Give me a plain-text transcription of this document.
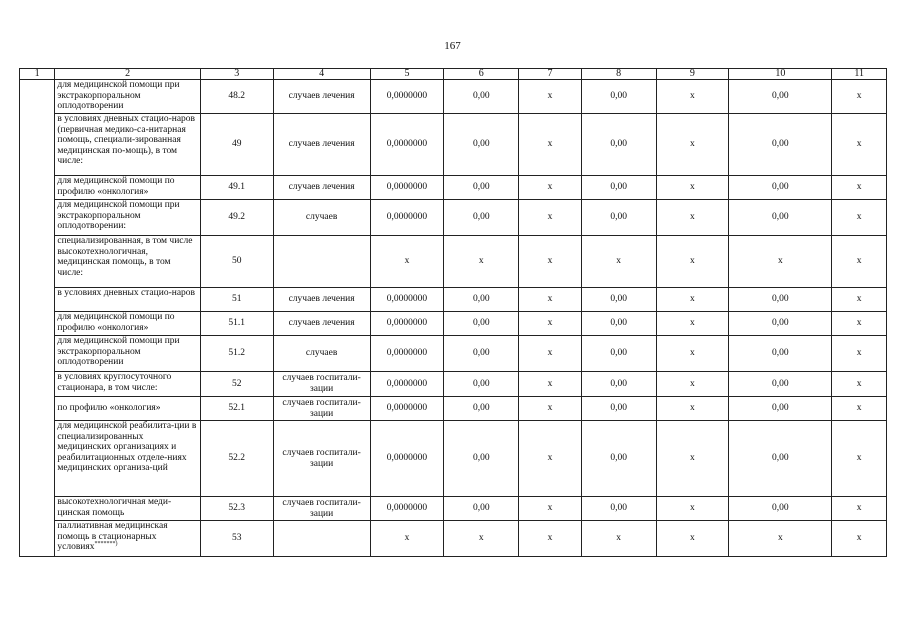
167
1	2	3	4	5	6	7	8	9	10	11
	для медицинской помощи при экстракорпоральном оплодотворении	48.2	случаев лечения	0,0000000	0,00	x	0,00	x	0,00	x
	в условиях дневных стацио-наров (первичная медико-са-нитарная помощь, специали-зированная медицинская по-мощь), в том числе:	49	случаев лечения	0,0000000	0,00	x	0,00	x	0,00	x
	для медицинской помощи по профилю «онкология»	49.1	случаев лечения	0,0000000	0,00	x	0,00	x	0,00	x
	для медицинской помощи при экстракорпоральном оплодотворении:	49.2	случаев	0,0000000	0,00	x	0,00	x	0,00	x
	специализированная, в том числе высокотехнологичная, медицинская помощь, в том числе:	50		x	x	x	x	x	x	x
	в условиях дневных стацио-наров	51	случаев лечения	0,0000000	0,00	x	0,00	x	0,00	x
	для медицинской помощи по профилю «онкология»	51.1	случаев лечения	0,0000000	0,00	x	0,00	x	0,00	x
	для медицинской помощи при экстракорпоральном оплодотворении	51.2	случаев	0,0000000	0,00	x	0,00	x	0,00	x
	в условиях круглосуточного стационара, в том числе:	52	случаев госпитали-зации	0,0000000	0,00	x	0,00	x	0,00	x
	по профилю «онкология»	52.1	случаев госпитали-зации	0,0000000	0,00	x	0,00	x	0,00	x
	для медицинской реабилита-ции в специализированных медицинских организациях и реабилитационных отделе-ниях медицинских организа-ций	52.2	случаев госпитали-зации	0,0000000	0,00	x	0,00	x	0,00	x
	высокотехнологичная меди-цинская помощь	52.3	случаев госпитали-зации	0,0000000	0,00	x	0,00	x	0,00	x
	паллиативная медицинская помощь в стационарных условиях*******)	53		x	x	x	x	x	x	x
